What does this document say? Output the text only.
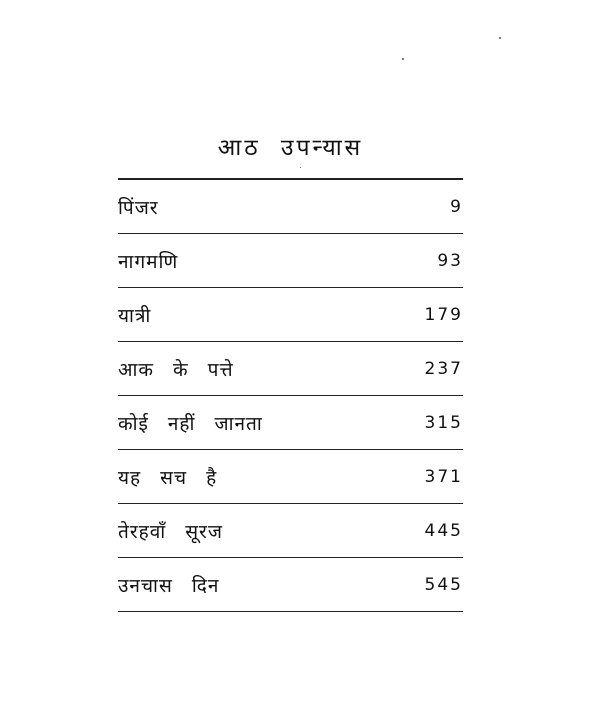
आठ उपन्यास
पिंजर	9
नागमणि	93
यात्री	179
आक के पत्ते	237
कोई नहीं जानता	315
यह सच है	371
तेरहवाँ सूरज	445
उनचास दिन	545
